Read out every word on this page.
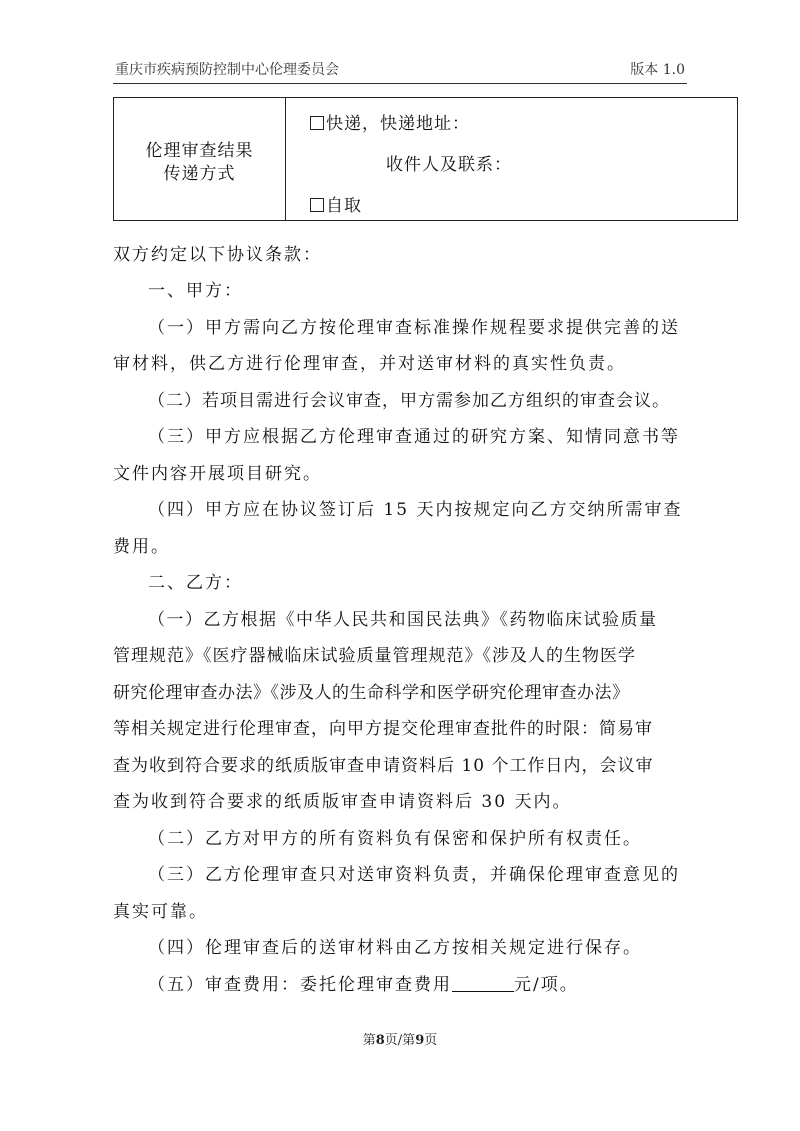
重庆市疾病预防控制中心伦理委员会	版本 1.0
伦理审查结果
传递方式
快递，快递地址：
收件人及联系：
自取
双方约定以下协议条款：
一、甲方：
（一）甲方需向乙方按伦理审查标准操作规程要求提供完善的送
审材料，供乙方进行伦理审查，并对送审材料的真实性负责。
（二）若项目需进行会议审查，甲方需参加乙方组织的审查会议。
（三）甲方应根据乙方伦理审查通过的研究方案、知情同意书等
文件内容开展项目研究。
（四）甲方应在协议签订后 15 天内按规定向乙方交纳所需审查
费用。
二、乙方：
（一）乙方根据《中华人民共和国民法典》《药物临床试验质量
管理规范》《医疗器械临床试验质量管理规范》《涉及人的生物医学
研究伦理审查办法》《涉及人的生命科学和医学研究伦理审查办法》
等相关规定进行伦理审查，向甲方提交伦理审查批件的时限：简易审
查为收到符合要求的纸质版审查申请资料后 10 个工作日内，会议审
查为收到符合要求的纸质版审查申请资料后 30 天内。
（二）乙方对甲方的所有资料负有保密和保护所有权责任。
（三）乙方伦理审查只对送审资料负责，并确保伦理审查意见的
真实可靠。
（四）伦理审查后的送审材料由乙方按相关规定进行保存。
（五）审查费用：委托伦理审查费用	元/项。
第8页/第9页
